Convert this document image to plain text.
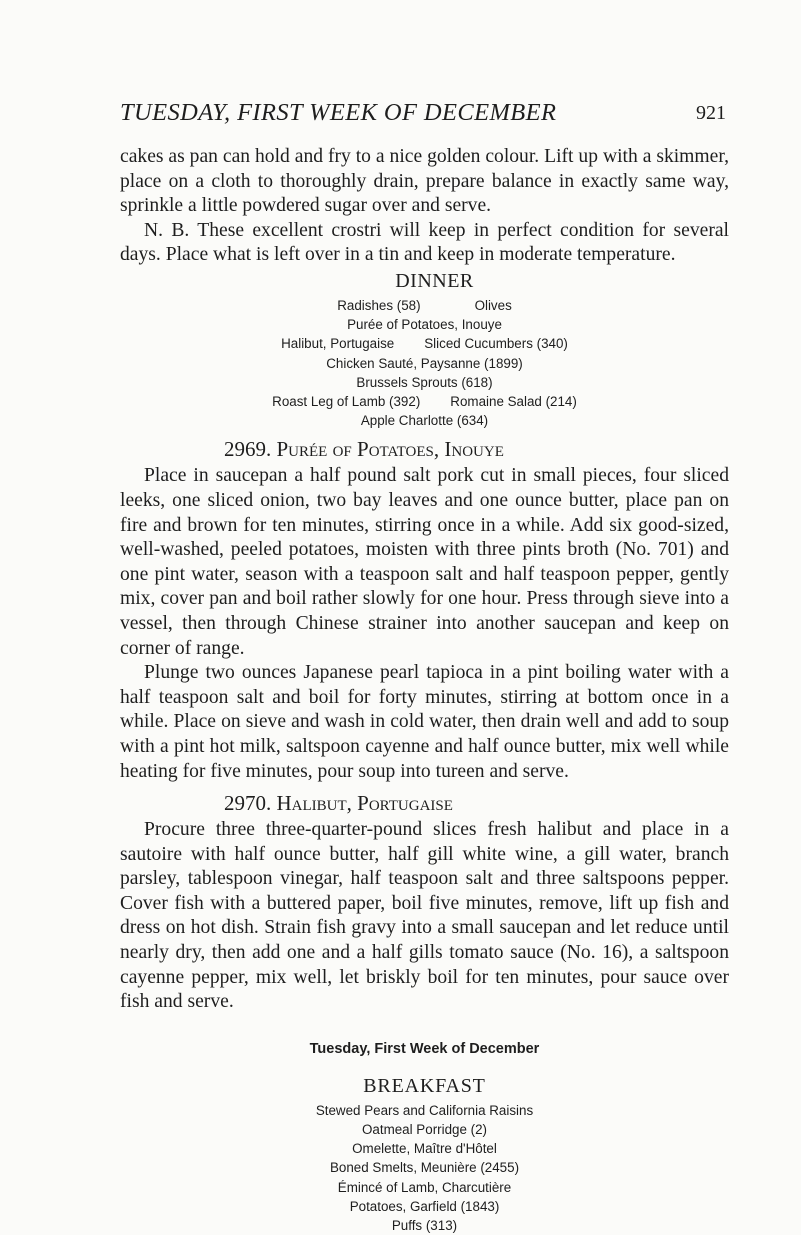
TUESDAY, FIRST WEEK OF DECEMBER	921

cakes as pan can hold and fry to a nice golden colour. Lift up with a skimmer, place on a cloth to thoroughly drain, prepare balance in exactly same way, sprinkle a little powdered sugar over and serve.

N. B. These excellent crostri will keep in perfect condition for several days. Place what is left over in a tin and keep in moderate temperature.

DINNER

Radishes (58)	Olives
Purée of Potatoes, Inouye
Halibut, Portugaise Sliced Cucumbers (340)
Chicken Sauté, Paysanne (1899)
Brussels Sprouts (618)
Roast Leg of Lamb (392) Romaine Salad (214)
Apple Charlotte (634)

2969. Purée of Potatoes, Inouye

Place in saucepan a half pound salt pork cut in small pieces, four sliced leeks, one sliced onion, two bay leaves and one ounce butter, place pan on fire and brown for ten minutes, stirring once in a while. Add six good-sized, well-washed, peeled potatoes, moisten with three pints broth (No. 701) and one pint water, season with a teaspoon salt and half teaspoon pepper, gently mix, cover pan and boil rather slowly for one hour. Press through sieve into a vessel, then through Chinese strainer into another saucepan and keep on corner of range.

Plunge two ounces Japanese pearl tapioca in a pint boiling water with a half teaspoon salt and boil for forty minutes, stirring at bottom once in a while. Place on sieve and wash in cold water, then drain well and add to soup with a pint hot milk, saltspoon cayenne and half ounce butter, mix well while heating for five minutes, pour soup into tureen and serve.

2970. Halibut, Portugaise

Procure three three-quarter-pound slices fresh halibut and place in a sautoire with half ounce butter, half gill white wine, a gill water, branch parsley, tablespoon vinegar, half teaspoon salt and three saltspoons pepper. Cover fish with a buttered paper, boil five minutes, remove, lift up fish and dress on hot dish. Strain fish gravy into a small saucepan and let reduce until nearly dry, then add one and a half gills tomato sauce (No. 16), a saltspoon cayenne pepper, mix well, let briskly boil for ten minutes, pour sauce over fish and serve.

Tuesday, First Week of December
BREAKFAST
Stewed Pears and California Raisins
Oatmeal Porridge (2)
Omelette, Maître d'Hôtel
Boned Smelts, Meunière (2455)
Émincé of Lamb, Charcutière
Potatoes, Garfield (1843)
Puffs (313)
